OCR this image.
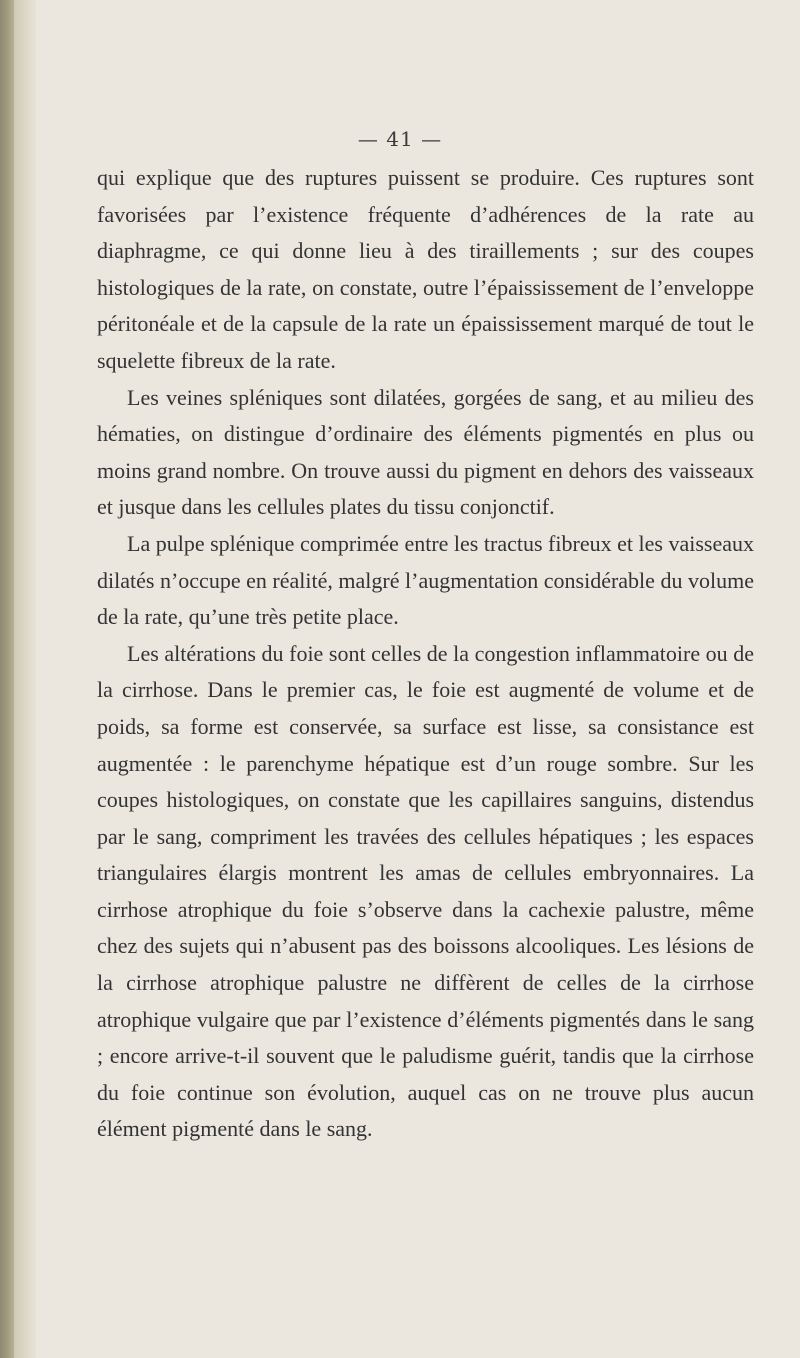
— 41 —

qui explique que des ruptures puissent se produire. Ces ruptures sont favorisées par l’existence fréquente d’adhérences de la rate au diaphragme, ce qui donne lieu à des tiraillements ; sur des coupes histologiques de la rate, on constate, outre l’épaississement de l’enveloppe péritonéale et de la capsule de la rate un épaississement marqué de tout le squelette fibreux de la rate.

Les veines spléniques sont dilatées, gorgées de sang, et au milieu des hématies, on distingue d’ordinaire des éléments pigmentés en plus ou moins grand nombre. On trouve aussi du pigment en dehors des vaisseaux et jusque dans les cellules plates du tissu conjonctif.

La pulpe splénique comprimée entre les tractus fibreux et les vaisseaux dilatés n’occupe en réalité, malgré l’augmentation considérable du volume de la rate, qu’une très petite place.

Les altérations du foie sont celles de la congestion inflammatoire ou de la cirrhose. Dans le premier cas, le foie est augmenté de volume et de poids, sa forme est conservée, sa surface est lisse, sa consistance est augmentée : le parenchyme hépatique est d’un rouge sombre. Sur les coupes histologiques, on constate que les capillaires sanguins, distendus par le sang, compriment les travées des cellules hépatiques ; les espaces triangulaires élargis montrent les amas de cellules embryonnaires. La cirrhose atrophique du foie s’observe dans la cachexie palustre, même chez des sujets qui n’abusent pas des boissons alcooliques. Les lésions de la cirrhose atrophique palustre ne diffèrent de celles de la cirrhose atrophique vulgaire que par l’existence d’éléments pigmentés dans le sang ; encore arrive-t-il souvent que le paludisme guérit, tandis que la cirrhose du foie continue son évolution, auquel cas on ne trouve plus aucun élément pigmenté dans le sang.
